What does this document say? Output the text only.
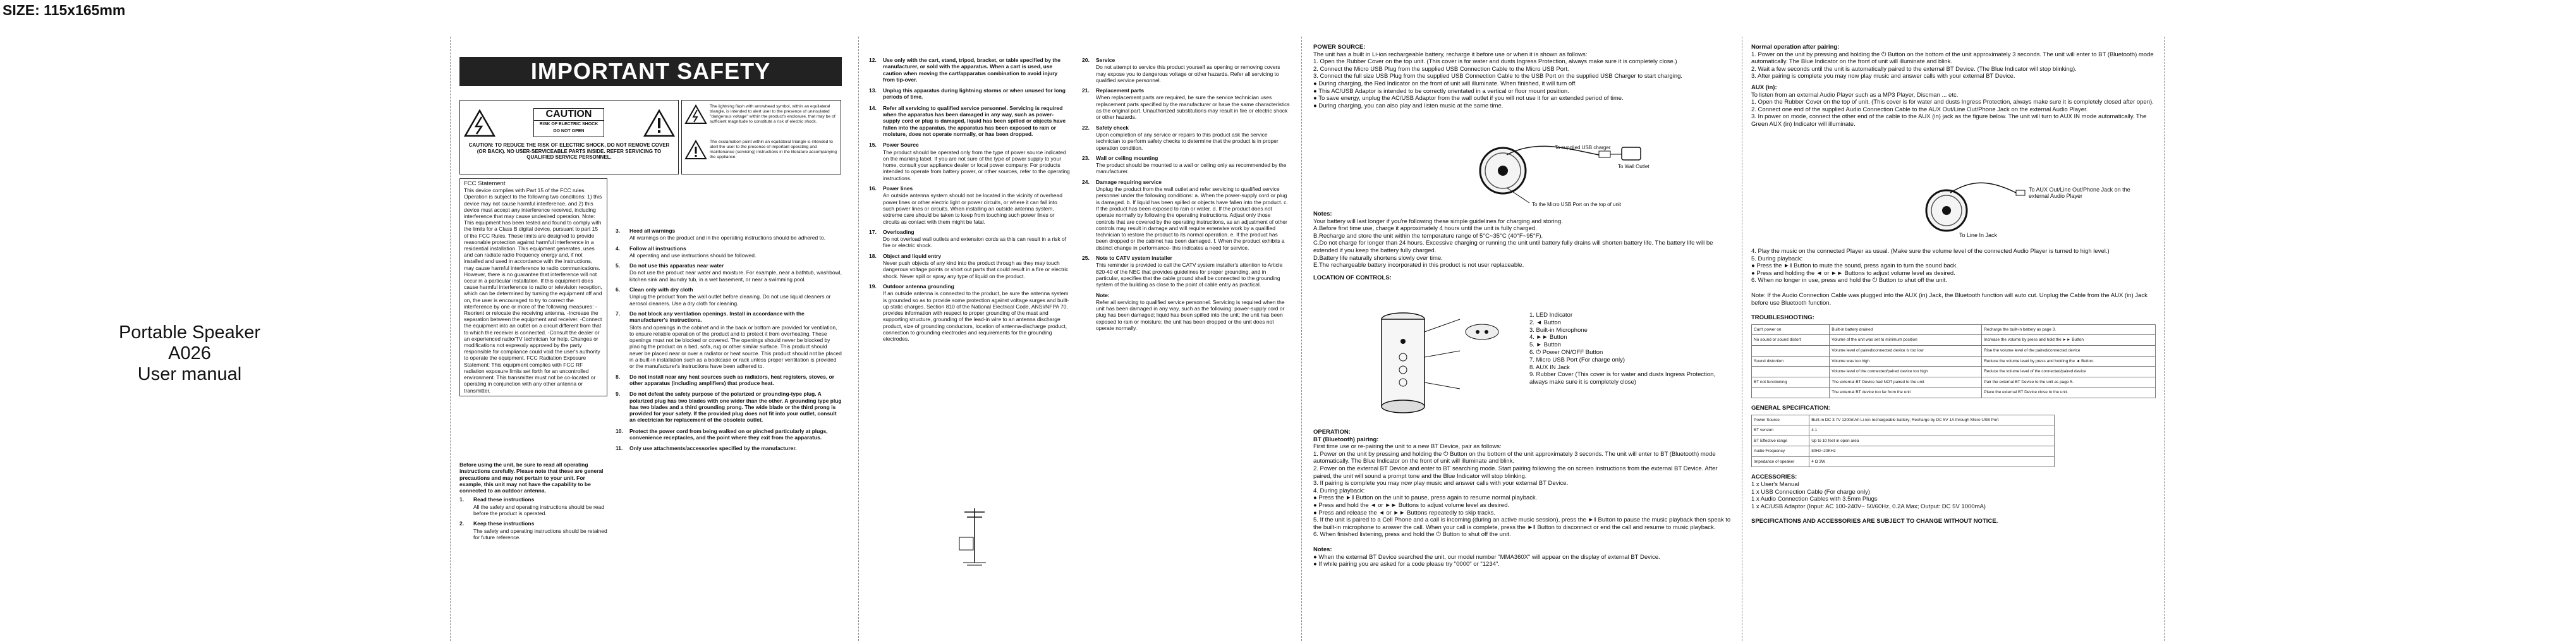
SIZE: 115x165mm
Portable Speaker
A026
User manual
IMPORTANT SAFETY INSTRUCTIONS
CAUTION
RISK OF ELECTRIC SHOCK
DO NOT OPEN
CAUTION: TO REDUCE THE RISK OF ELECTRIC SHOCK, DO NOT REMOVE COVER (OR BACK). NO USER-SERVICEABLE PARTS INSIDE. REFER SERVICING TO QUALIFIED SERVICE PERSONNEL.
The lightning flash with arrowhead symbol, within an equilateral triangle, is intended to alert user to the presence of uninsulated "dangerous voltage" within the product's enclosure, that may be of sufficient magnitude to constitute a risk of electric shock.
The exclamation point within an equilateral triangle is intended to alert the user to the presence of important operating and maintenance (servicing) instructions in the literature accompanying the appliance.
FCC Statement
This device complies with Part 15 of the FCC rules. Operation is subject to the following two conditions: 1) this device may not cause harmful interference, and 2) this device must accept any interference received, including interference that may cause undesired operation. Note: This equipment has been tested and found to comply with the limits for a Class B digital device, pursuant to part 15 of the FCC Rules. These limits are designed to provide reasonable protection against harmful interference in a residential installation. This equipment generates, uses and can radiate radio frequency energy and, if not installed and used in accordance with the instructions, may cause harmful interference to radio communications. However, there is no guarantee that interference will not occur in a particular installation. If this equipment does cause harmful interference to radio or television reception, which can be determined by turning the equipment off and on, the user is encouraged to try to correct the interference by one or more of the following measures: -Reorient or relocate the receiving antenna. -Increase the separation between the equipment and receiver. -Connect the equipment into an outlet on a circuit different from that to which the receiver is connected. -Consult the dealer or an experienced radio/TV technician for help. Changes or modifications not expressly approved by the party responsible for compliance could void the user's authority to operate the equipment. FCC Radiation Exposure Statement: This equipment complies with FCC RF radiation exposure limits set forth for an uncontrolled environment. This transmitter must not be co-located or operating in conjunction with any other antenna or transmitter.

Before using the unit, be sure to read all operating instructions carefully. Please note that these are general precautions and may not pertain to your unit. For example, this unit may not have the capability to be connected to an outdoor antenna.

1.	Read these instructions
All the safety and operating instructions should be read before the product is operated.
2.	Keep these instructions
The safety and operating instructions should be retained for future reference.
3.	Heed all warnings
All warnings on the product and in the operating instructions should be adhered to.
4.	Follow all instructions
All operating and use instructions should be followed.
5.	Do not use this apparatus near water
Do not use the product near water and moisture. For example, near a bathtub, washbowl, kitchen sink and laundry tub, in a wet basement, or near a swimming pool.
6.	Clean only with dry cloth
Unplug the product from the wall outlet before cleaning. Do not use liquid cleaners or aerosol cleaners. Use a dry cloth for cleaning.
7.	Do not block any ventilation openings. Install in accordance with the manufacturer's instructions.
Slots and openings in the cabinet and in the back or bottom are provided for ventilation, to ensure reliable operation of the product and to protect it from overheating. These openings must not be blocked or covered. The openings should never be blocked by placing the product on a bed, sofa, rug or other similar surface. This product should never be placed near or over a radiator or heat source. This product should not be placed in a built-in installation such as a bookcase or rack unless proper ventilation is provided or the manufacturer's instructions have been adhered to.
8.	Do not install near any heat sources such as radiators, heat registers, stoves, or other apparatus (including amplifiers) that produce heat.
9.	Do not defeat the safety purpose of the polarized or grounding-type plug. A polarized plug has two blades with one wider than the other. A grounding type plug has two blades and a third grounding prong. The wide blade or the third prong is provided for your safety. If the provided plug does not fit into your outlet, consult an electrician for replacement of the obsolete outlet.
10.	Protect the power cord from being walked on or pinched particularly at plugs, convenience receptacles, and the point where they exit from the apparatus.
11.	Only use attachments/accessories specified by the manufacturer.
12.	Use only with the cart, stand, tripod, bracket, or table specified by the manufacturer, or sold with the apparatus. When a cart is used, use caution when moving the cart/apparatus combination to avoid injury from tip-over.
13.	Unplug this apparatus during lightning storms or when unused for long periods of time.
14.	Refer all servicing to qualified service personnel. Servicing is required when the apparatus has been damaged in any way, such as power-supply cord or plug is damaged, liquid has been spilled or objects have fallen into the apparatus, the apparatus has been exposed to rain or moisture, does not operate normally, or has been dropped.
15.	Power Source
The product should be operated only from the type of power source indicated on the marking label. If you are not sure of the type of power supply to your home, consult your appliance dealer or local power company. For products intended to operate from battery power, or other sources, refer to the operating instructions.
16.	Power lines
An outside antenna system should not be located in the vicinity of overhead power lines or other electric light or power circuits, or where it can fall into such power lines or circuits. When installing an outside antenna system, extreme care should be taken to keep from touching such power lines or circuits as contact with them might be fatal.
17.	Overloading
Do not overload wall outlets and extension cords as this can result in a risk of fire or electric shock.
18.	Object and liquid entry
Never push objects of any kind into the product through as they may touch dangerous voltage points or short out parts that could result in a fire or electric shock. Never spill or spray any type of liquid on the product.
19.	Outdoor antenna grounding
If an outside antenna is connected to the product, be sure the antenna system is grounded so as to provide some protection against voltage surges and built-up static charges. Section 810 of the National Electrical Code, ANSI/NFPA 70, provides information with respect to proper grounding of the mast and supporting structure, grounding of the lead-in wire to an antenna discharge product, size of grounding conductors, location of antenna-discharge product, connection to grounding electrodes and requirements for the grounding electrodes.
20.	Service
Do not attempt to service this product yourself as opening or removing covers may expose you to dangerous voltage or other hazards. Refer all servicing to qualified service personnel.
21.	Replacement parts
When replacement parts are required, be sure the service technician uses replacement parts specified by the manufacturer or have the same characteristics as the original part. Unauthorized substitutions may result in fire or electric shock or other hazards.
22.	Safety check
Upon completion of any service or repairs to this product ask the service technician to perform safety checks to determine that the product is in proper operation condition.
23.	Wall or ceiling mounting
The product should be mounted to a wall or ceiling only as recommended by the manufacturer.
24.	Damage requiring service
Unplug the product from the wall outlet and refer servicing to qualified service personnel under the following conditions: a. When the power-supply cord or plug is damaged. b. If liquid has been spilled or objects have fallen into the product. c. If the product has been exposed to rain or water. d. If the product does not operate normally by following the operating instructions. Adjust only those controls that are covered by the operating instructions, as an adjustment of other controls may result in damage and will require extensive work by a qualified technician to restore the product to its normal operation. e. If the product has been dropped or the cabinet has been damaged. f. When the product exhibits a distinct change in performance- this indicates a need for service.
25.	Note to CATV system installer
This reminder is provided to call the CATV system installer's attention to Article 820-40 of the NEC that provides guidelines for proper grounding, and in particular, specifies that the cable ground shall be connected to the grounding system of the building as close to the point of cable entry as practical.
Note:
Refer all servicing to qualified service personnel. Servicing is required when the unit has been damaged in any way, such as the following: power-supply cord or plug has been damaged; liquid has been spilled into the unit; the unit has been exposed to rain or moisture; the unit has been dropped or the unit does not operate normally.
POWER SOURCE:
The unit has a built in Li-ion rechargeable battery, recharge it before use or when it is shown as follows:
1. Open the Rubber Cover on the top unit. (This cover is for water and dusts Ingress Protection, always make sure it is completely close.)
2. Connect the Micro USB Plug from the supplied USB Connection Cable to the Micro USB Port.
3. Connect the full size USB Plug from the supplied USB Connection Cable to the USB Port on the supplied USB Charger to start charging.
● During charging, the Red Indicator on the front of unit will illuminate. When finished, it will turn off.
● This AC/USB Adaptor is intended to be correctly orientated in a vertical or floor mount position.
● To save energy, unplug the AC/USB Adaptor from the wall outlet if you will not use it for an extended period of time.
● During charging, you can also play and listen music at the same time.
To supplied USB charger
To Wall Outlet
To the Micro USB Port on the top of unit
Notes:
Your battery will last longer if you're following these simple guidelines for charging and storing.
A.Before first time use, charge it approximately 4 hours until the unit is fully charged.
B.Recharge and store the unit within the temperature range of 5°C~35°C (40°F~95°F).
C.Do not charge for longer than 24 hours. Excessive charging or running the unit until battery fully drains will shorten battery life. The battery life will be extended if you keep the battery fully charged.
D.Battery life naturally shortens slowly over time.
E.The rechargeable battery incorporated in this product is not user replaceable.
LOCATION OF CONTROLS:
1. LED Indicator
2. ◄ Button
3. Built-in Microphone
4. ►► Button
5. ► Button
6. ⏻ Power ON/OFF Button
7. Micro USB Port (For charge only)
8. AUX IN Jack
9. Rubber Cover (This cover is for water and dusts Ingress Protection, always make sure it is completely close)
OPERATION:
BT (Bluetooth) pairing:
First time use or re-pairing the unit to a new BT Device, pair as follows:
1. Power on the unit by pressing and holding the ⏻ Button on the bottom of the unit approximately 3 seconds. The unit will enter to BT (Bluetooth) mode automatically. The Blue Indicator on the front of unit will illuminate and blink.
2. Power on the external BT Device and enter to BT searching mode. Start pairing following the on screen instructions from the external BT Device. After paired, the unit will sound a prompt tone and the Blue Indicator will stop blinking.
3. If pairing is complete you may now play music and answer calls with your external BT Device.
4. During playback:
● Press the ►‖ Button on the unit to pause, press again to resume normal playback.
● Press and hold the ◄ or ►► Buttons to adjust volume level as desired.
● Press and release the ◄ or ►► Buttons repeatedly to skip tracks.
5. If the unit is paired to a Cell Phone and a call is incoming (during an active music session), press the ►‖ Button to pause the music playback then speak to the built-in microphone to answer the call. When your call is complete, press the ►‖ Button to disconnect or end the call and resume to music playback.
6. When finished listening, press and hold the ⏻ Button to shut off the unit.
Notes:
● When the external BT Device searched the unit, our model number "MMA360X" will appear on the display of external BT Device.
● If while pairing you are asked for a code please try "0000" or "1234".
Normal operation after pairing:
1. Power on the unit by pressing and holding the ⏻ Button on the bottom of the unit approximately 3 seconds. The unit will enter to BT (Bluetooth) mode automatically. The Blue Indicator on the front of unit will illuminate and blink.
2. Wait a few seconds until the unit is automatically paired to the external BT Device. (The Blue Indicator will stop blinking).
3. After pairing is complete you may now play music and answer calls with your external BT Device.
AUX (in):
To listen from an external Audio Player such as a MP3 Player, Discman ... etc.
1. Open the Rubber Cover on the top of unit. (This cover is for water and dusts Ingress Protection, always make sure it is completely closed after open).
2. Connect one end of the supplied Audio Connection Cable to the AUX Out/Line Out/Phone Jack on the external Audio Player.
3. In power on mode, connect the other end of the cable to the AUX (in) jack as the figure below. The unit will turn to AUX IN mode automatically. The Green AUX (in) Indicator will illuminate.
To AUX Out/Line Out/Phone Jack on the external Audio Player
To Line In Jack
4. Play the music on the connected Player as usual. (Make sure the volume level of the connected Audio Player is turned to high level.)
5. During playback:
● Press the ►‖ Button to mute the sound, press again to turn the sound back.
● Press and holding the ◄ or ►► Buttons to adjust volume level as desired.
6. When no longer in use, press and hold the ⏻ Button to shut off the unit.
Note: If the Audio Connection Cable was plugged into the AUX (in) Jack, the Bluetooth function will auto cut. Unplug the Cable from the AUX (in) Jack before use Bluetooth function.
TROUBLESHOOTING:
Can't power on	Built-in battery drained	Recharge the built-in battery as page 3.
No sound or sound distort	Volume of the unit was set to minimum position	Increase the volume by press and hold the ►► Button
	Volume level of paired/connected device is too low	Rise the volume level of the paired/connected device
Sound distortion	Volume was too high	Reduce the volume level by press and holding the ◄ Button.
	Volume level of the connected/paired device too high	Reduce the volume level of the connected/paired device
BT not functioning	The external BT Device had NOT paired to the unit	Pair the external BT Device to the unit as page 5.
	The external BT device too far from the unit	Place the external BT Device close to the unit.
GENERAL SPECIFICATION:
Power Source	Built-in DC 3.7V 1200mAh Li-ion rechargeable battery; Recharge by DC 5V 1A through Micro USB Port
BT version	4.1
BT Effective range	Up to 10 feet in open area
Audio Frequency	80Hz~20KHz
Impedance of speaker	4 Ω 3W
ACCESSORIES:
1 x User's Manual
1 x USB Connection Cable (For charge only)
1 x Audio Connection Cables with 3.5mm Plugs
1 x AC/USB Adaptor (Input: AC 100-240V~ 50/60Hz, 0.2A Max; Output: DC 5V 1000mA)
SPECIFICATIONS AND ACCESSORIES ARE SUBJECT TO CHANGE WITHOUT NOTICE.
